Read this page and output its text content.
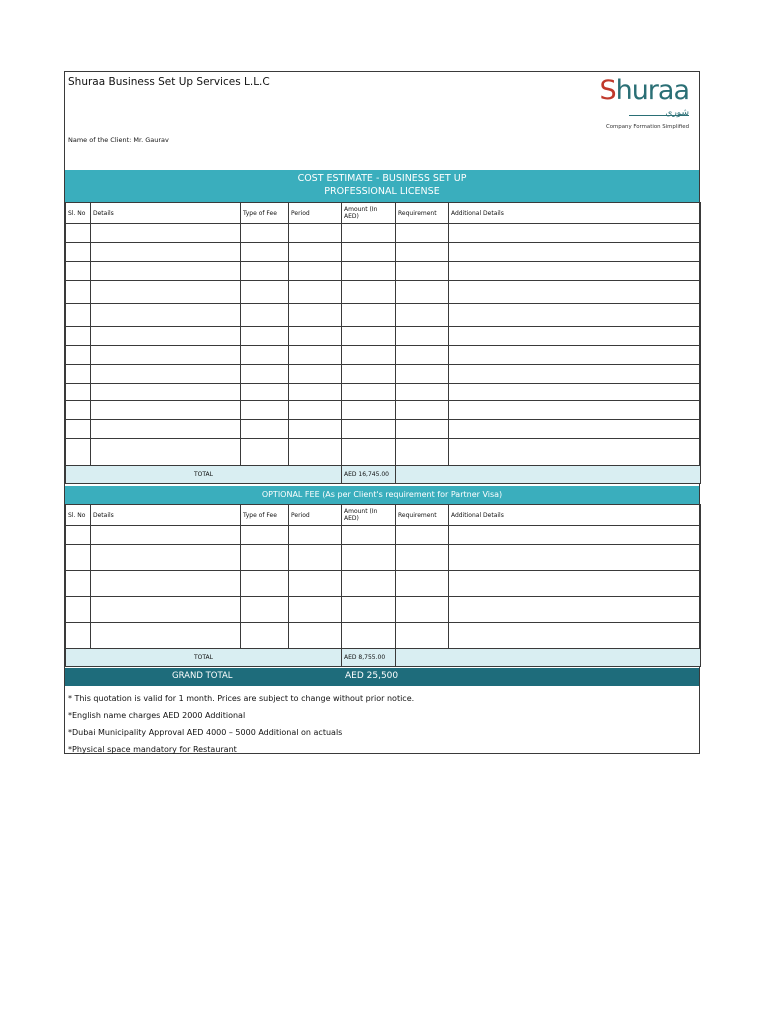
Shuraa Business Set Up Services L.L.C
Name of the Client: Mr. Gaurav
Shuraa
شورى
Company Formation Simplified
COST ESTIMATE - BUSINESS SET UP
PROFESSIONAL LICENSE
Sl. No	Details	Type of Fee	Period	Amount (In AED)	Requirement	Additional Details

TOTAL				AED 16,745.00		
OPTIONAL FEE (As per Client's requirement for Partner Visa)
Sl. No	Details	Type of Fee	Period	Amount (In AED)	Requirement	Additional Details

TOTAL				AED 8,755.00		
GRAND TOTAL	AED 25,500
* This quotation is valid for 1 month. Prices are subject to change without prior notice.
*English name charges AED 2000 Additional
*Dubai Municipality Approval AED 4000 – 5000 Additional on actuals
*Physical space mandatory for Restaurant
